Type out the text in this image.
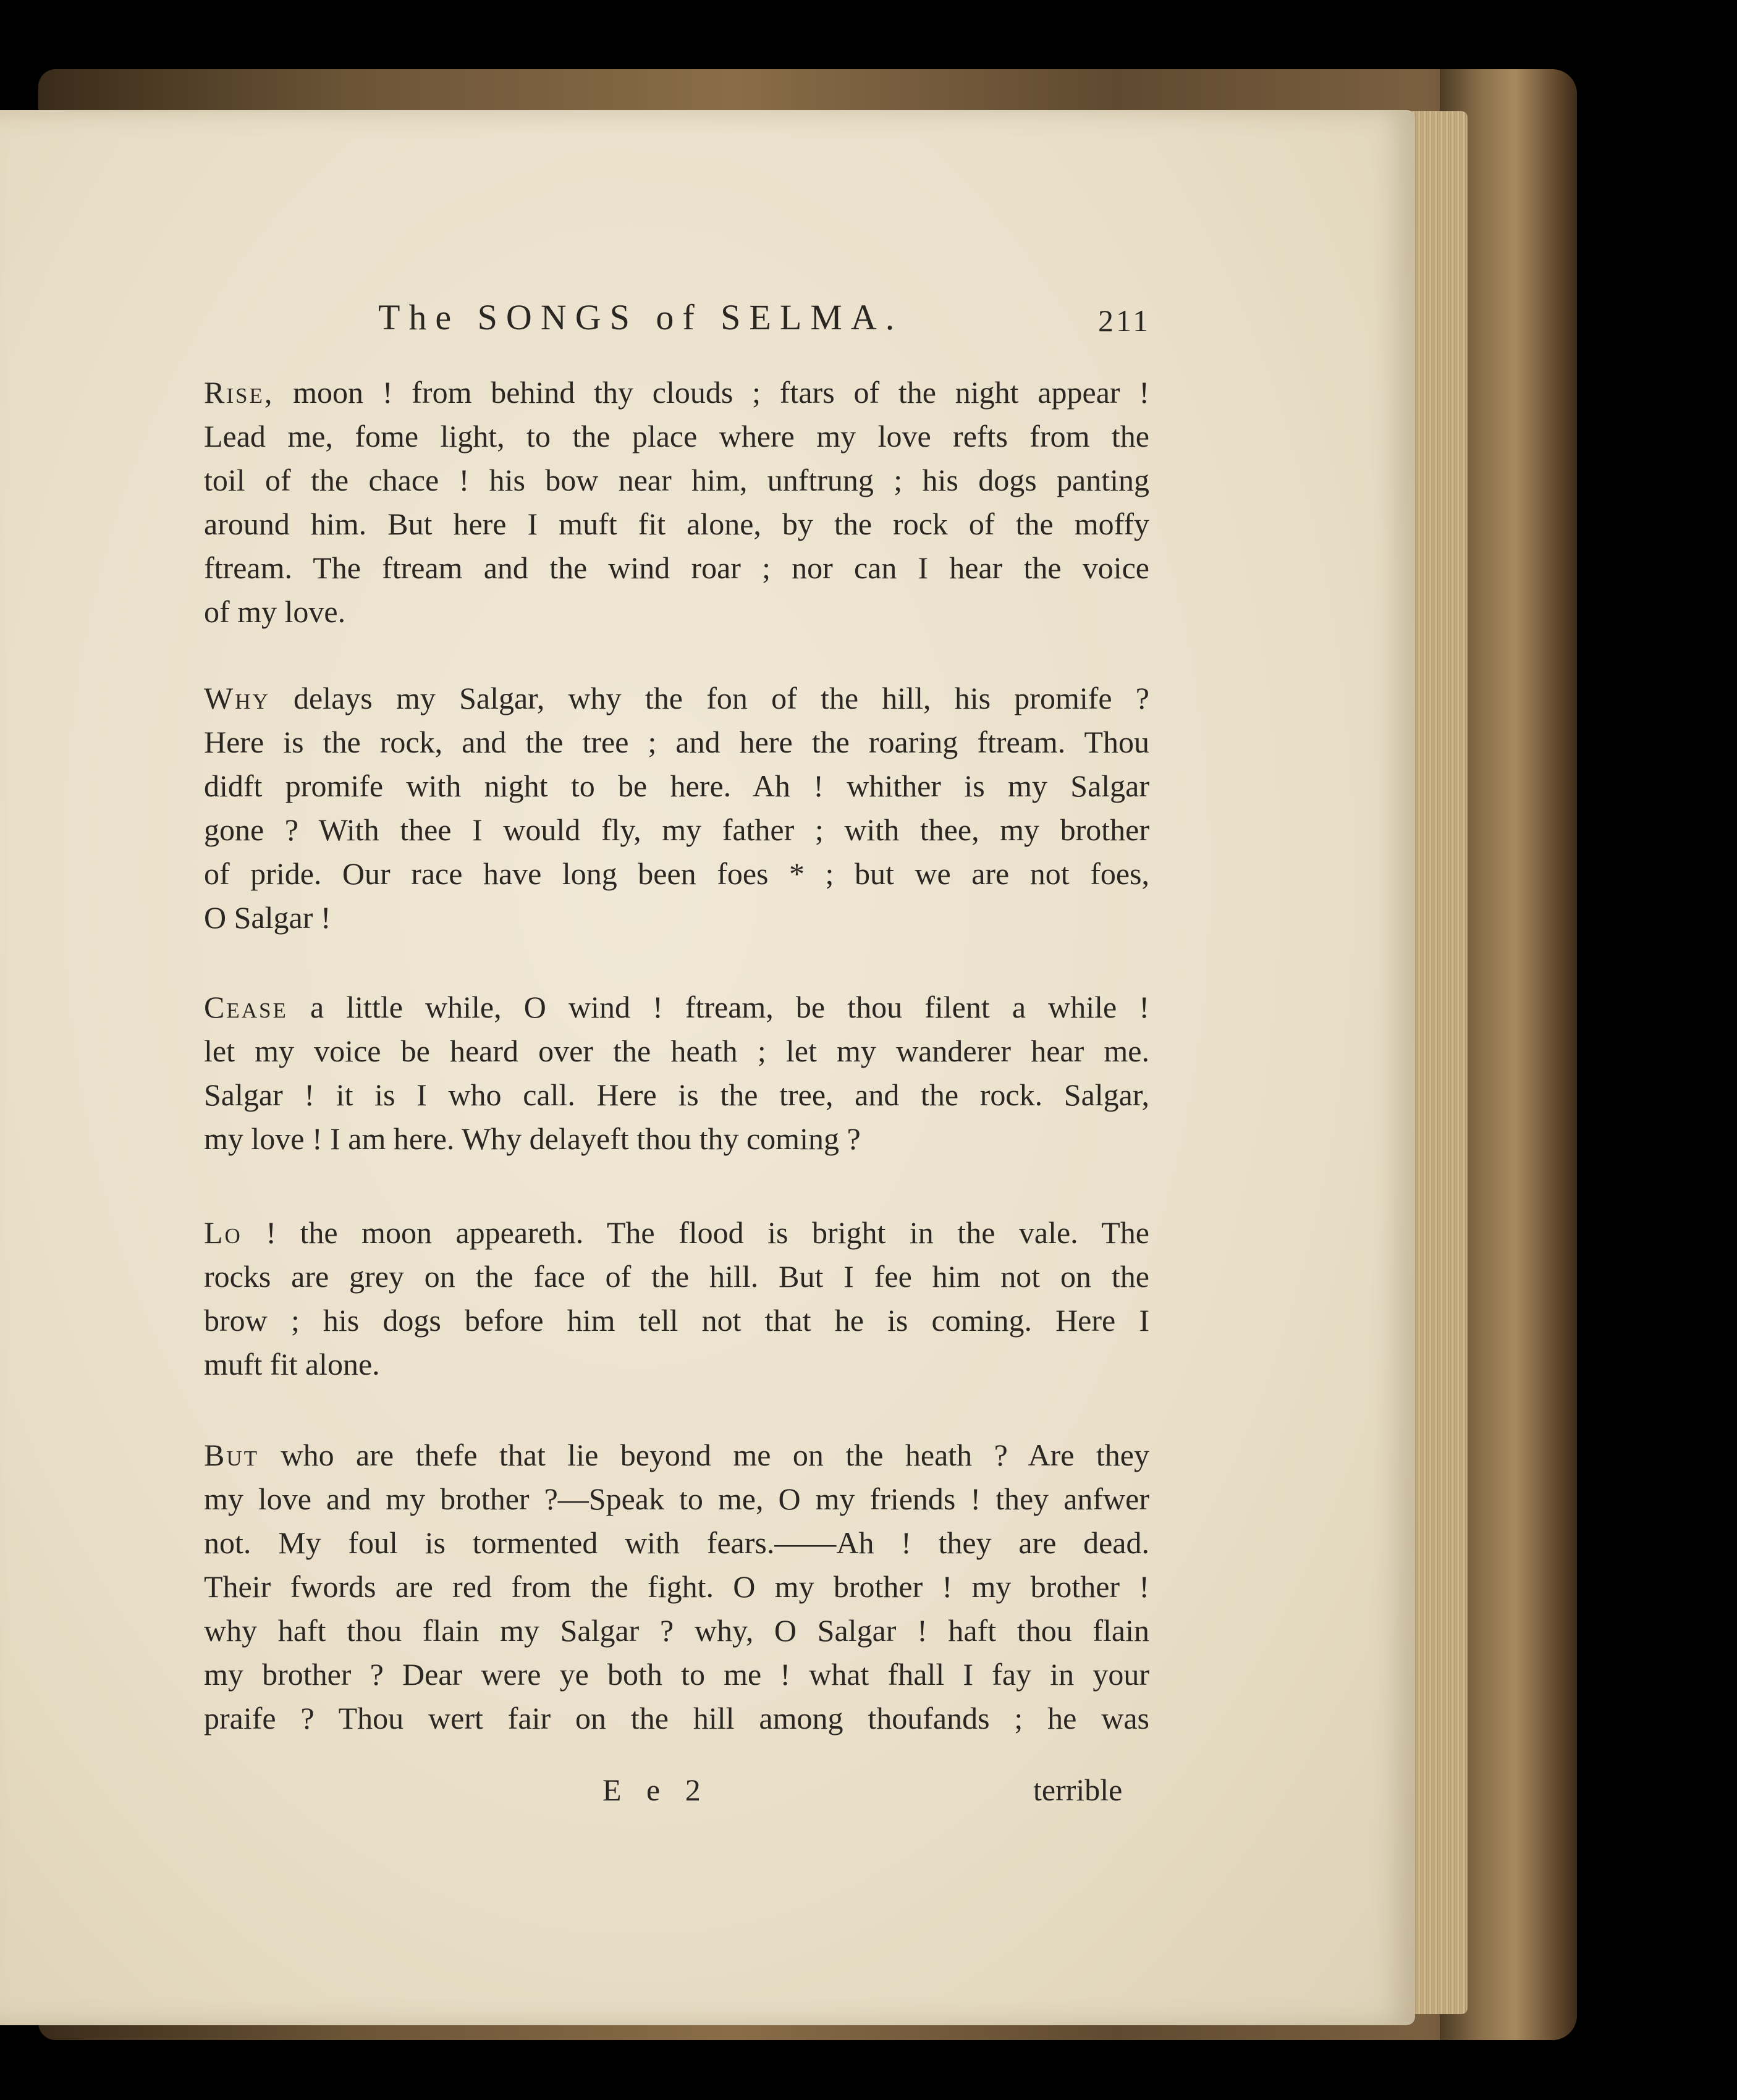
The SONGS of SELMA.	211
Rise, moon ! from behind thy clouds ; ftars of the night appear !
Lead me, fome light, to the place where my love refts from the
toil of the chace ! his bow near him, unftrung ; his dogs panting
around him. But here I muft fit alone, by the rock of the moffy
ftream. The ftream and the wind roar ; nor can I hear the voice
of my love.
Why delays my Salgar, why the fon of the hill, his promife ?
Here is the rock, and the tree ; and here the roaring ftream. Thou
didft promife with night to be here. Ah ! whither is my Salgar
gone ? With thee I would fly, my father ; with thee, my brother
of pride. Our race have long been foes * ; but we are not foes,
O Salgar !
Cease a little while, O wind ! ftream, be thou filent a while !
let my voice be heard over the heath ; let my wanderer hear me.
Salgar ! it is I who call. Here is the tree, and the rock. Salgar,
my love ! I am here. Why delayeft thou thy coming ?
Lo ! the moon appeareth. The flood is bright in the vale. The
rocks are grey on the face of the hill. But I fee him not on the
brow ; his dogs before him tell not that he is coming. Here I
muft fit alone.
But who are thefe that lie beyond me on the heath ? Are they
my love and my brother ?—Speak to me, O my friends ! they anfwer
not. My foul is tormented with fears.——Ah ! they are dead.
Their fwords are red from the fight. O my brother ! my brother !
why haft thou flain my Salgar ? why, O Salgar ! haft thou flain
my brother ? Dear were ye both to me ! what fhall I fay in your
praife ? Thou wert fair on the hill among thoufands ; he was
E e 2	terrible
